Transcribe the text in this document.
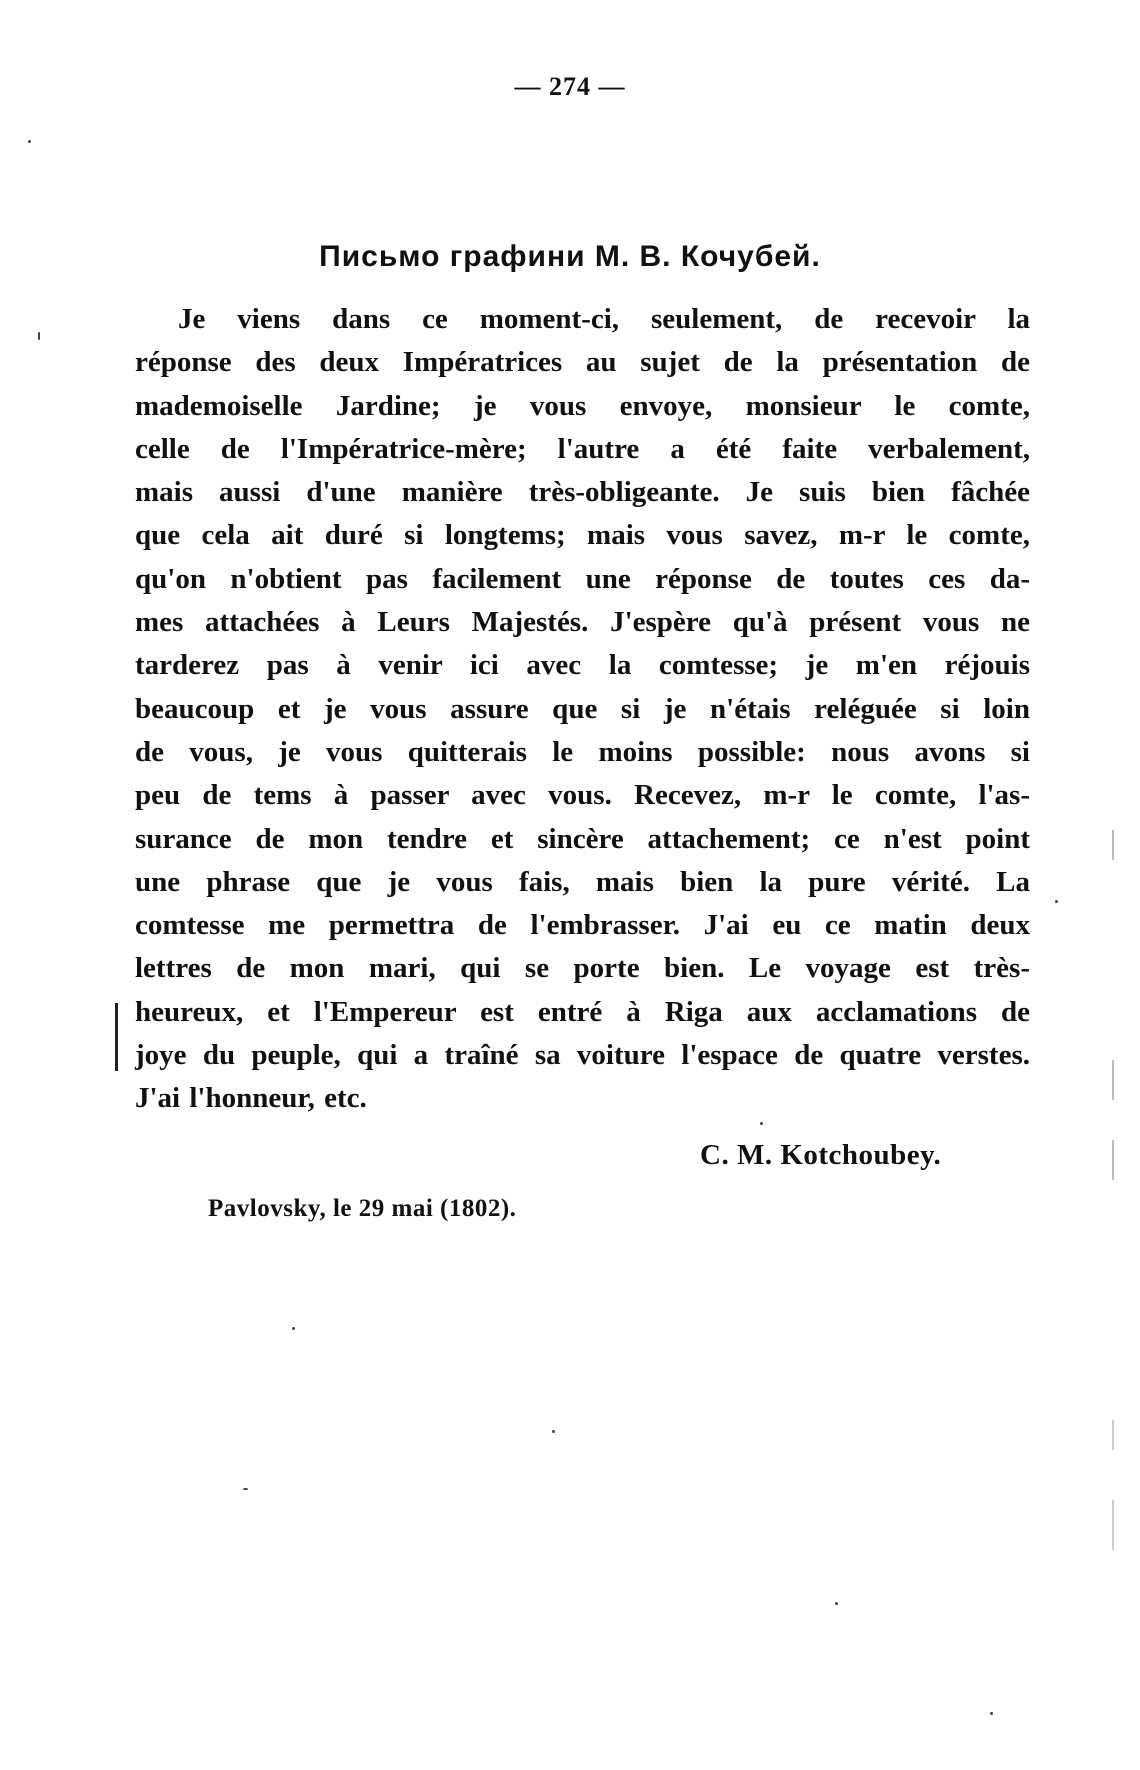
— 274 —
Письмо графини М. В. Кочубей.
Je viens dans ce moment-ci, seulement, de recevoir la
réponse des deux Impératrices au sujet de la présentation de
mademoiselle Jardine; je vous envoye, monsieur le comte,
celle de l'Impératrice-mère; l'autre a été faite verbalement,
mais aussi d'une manière très-obligeante. Je suis bien fâchée
que cela ait duré si longtems; mais vous savez, m-r le comte,
qu'on n'obtient pas facilement une réponse de toutes ces da-
mes attachées à Leurs Majestés. J'espère qu'à présent vous ne
tarderez pas à venir ici avec la comtesse; je m'en réjouis
beaucoup et je vous assure que si je n'étais reléguée si loin
de vous, je vous quitterais le moins possible: nous avons si
peu de tems à passer avec vous. Recevez, m-r le comte, l'as-
surance de mon tendre et sincère attachement; ce n'est point
une phrase que je vous fais, mais bien la pure vérité. La
comtesse me permettra de l'embrasser. J'ai eu ce matin deux
lettres de mon mari, qui se porte bien. Le voyage est très-
heureux, et l'Empereur est entré à Riga aux acclamations de
joye du peuple, qui a traîné sa voiture l'espace de quatre verstes.
J'ai l'honneur, etc.
C. M. Kotchoubey.
Pavlovsky, le 29 mai (1802).
